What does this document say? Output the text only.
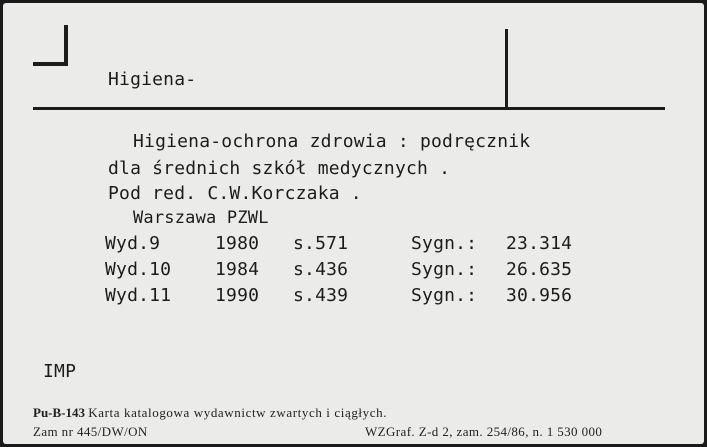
Higiena-
Higiena-ochrona zdrowia : podręcznik
dla średnich szkół medycznych .
Pod red. C.W.Korczaka .
Warszawa PZWL
Wyd.9	1980 s.571	Sygn.: 23.314
Wyd.10 1984 s.436	Sygn.: 26.635
Wyd.11 1990 s.439	Sygn.: 30.956
IMP
Pu-B-143 Karta katalogowa wydawnictw zwartych i ciągłych.
Zam nr 445/DW/ON	WZGraf. Z-d 2, zam. 254/86, n. 1 530 000
